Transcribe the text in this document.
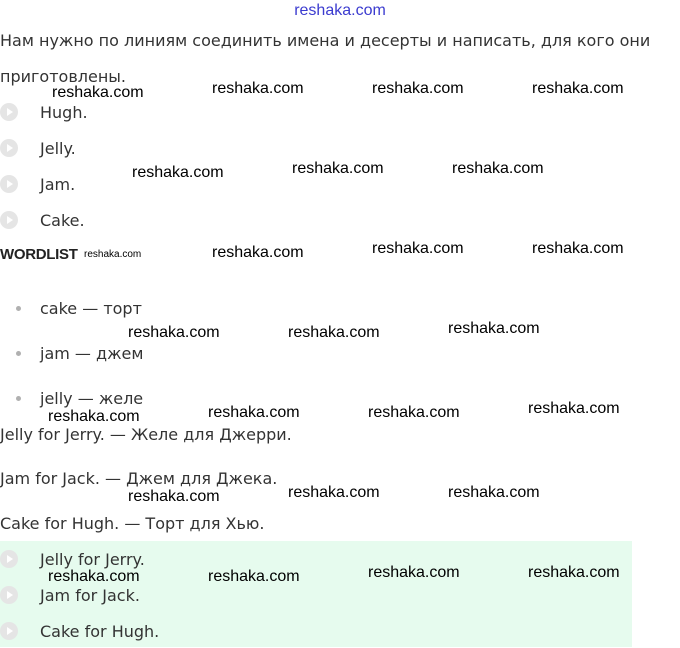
reshaka.com
Нам нужно по линиям соединить имена и десерты и написать, для кого они
приготовлены.
Hugh.
Jelly.
Jam.
Cake.
WORDLIST
cake — торт
jam — джем
jelly — желе
Jelly for Jerry. — Желе для Джерри.
Jam for Jack. — Джем для Джека.
Cake for Hugh. — Торт для Хью.
Jelly for Jerry.
Jam for Jack.
Cake for Hugh.
reshaka.com	reshaka.com	reshaka.com	reshaka.com
reshaka.com	reshaka.com	reshaka.com
reshaka.com	reshaka.com	reshaka.com	reshaka.com
reshaka.com	reshaka.com	reshaka.com
reshaka.com	reshaka.com	reshaka.com	reshaka.com
reshaka.com	reshaka.com	reshaka.com
reshaka.com	reshaka.com	reshaka.com	reshaka.com
